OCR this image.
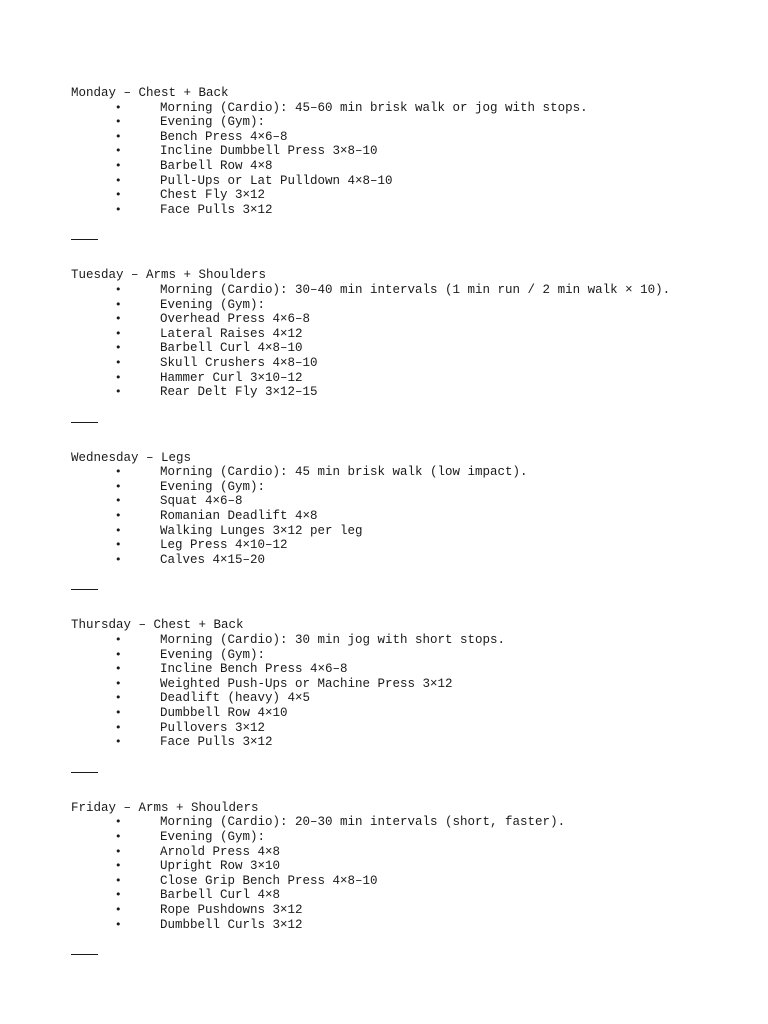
Monday – Chest + Back
•	Morning (Cardio): 45–60 min brisk walk or jog with stops.
•	Evening (Gym):
•	Bench Press 4×6–8
•	Incline Dumbbell Press 3×8–10
•	Barbell Row 4×8
•	Pull-Ups or Lat Pulldown 4×8–10
•	Chest Fly 3×12
•	Face Pulls 3×12
Tuesday – Arms + Shoulders
•	Morning (Cardio): 30–40 min intervals (1 min run / 2 min walk × 10).
•	Evening (Gym):
•	Overhead Press 4×6–8
•	Lateral Raises 4×12
•	Barbell Curl 4×8–10
•	Skull Crushers 4×8–10
•	Hammer Curl 3×10–12
•	Rear Delt Fly 3×12–15
Wednesday – Legs
•	Morning (Cardio): 45 min brisk walk (low impact).
•	Evening (Gym):
•	Squat 4×6–8
•	Romanian Deadlift 4×8
•	Walking Lunges 3×12 per leg
•	Leg Press 4×10–12
•	Calves 4×15–20
Thursday – Chest + Back
•	Morning (Cardio): 30 min jog with short stops.
•	Evening (Gym):
•	Incline Bench Press 4×6–8
•	Weighted Push-Ups or Machine Press 3×12
•	Deadlift (heavy) 4×5
•	Dumbbell Row 4×10
•	Pullovers 3×12
•	Face Pulls 3×12
Friday – Arms + Shoulders
•	Morning (Cardio): 20–30 min intervals (short, faster).
•	Evening (Gym):
•	Arnold Press 4×8
•	Upright Row 3×10
•	Close Grip Bench Press 4×8–10
•	Barbell Curl 4×8
•	Rope Pushdowns 3×12
•	Dumbbell Curls 3×12
